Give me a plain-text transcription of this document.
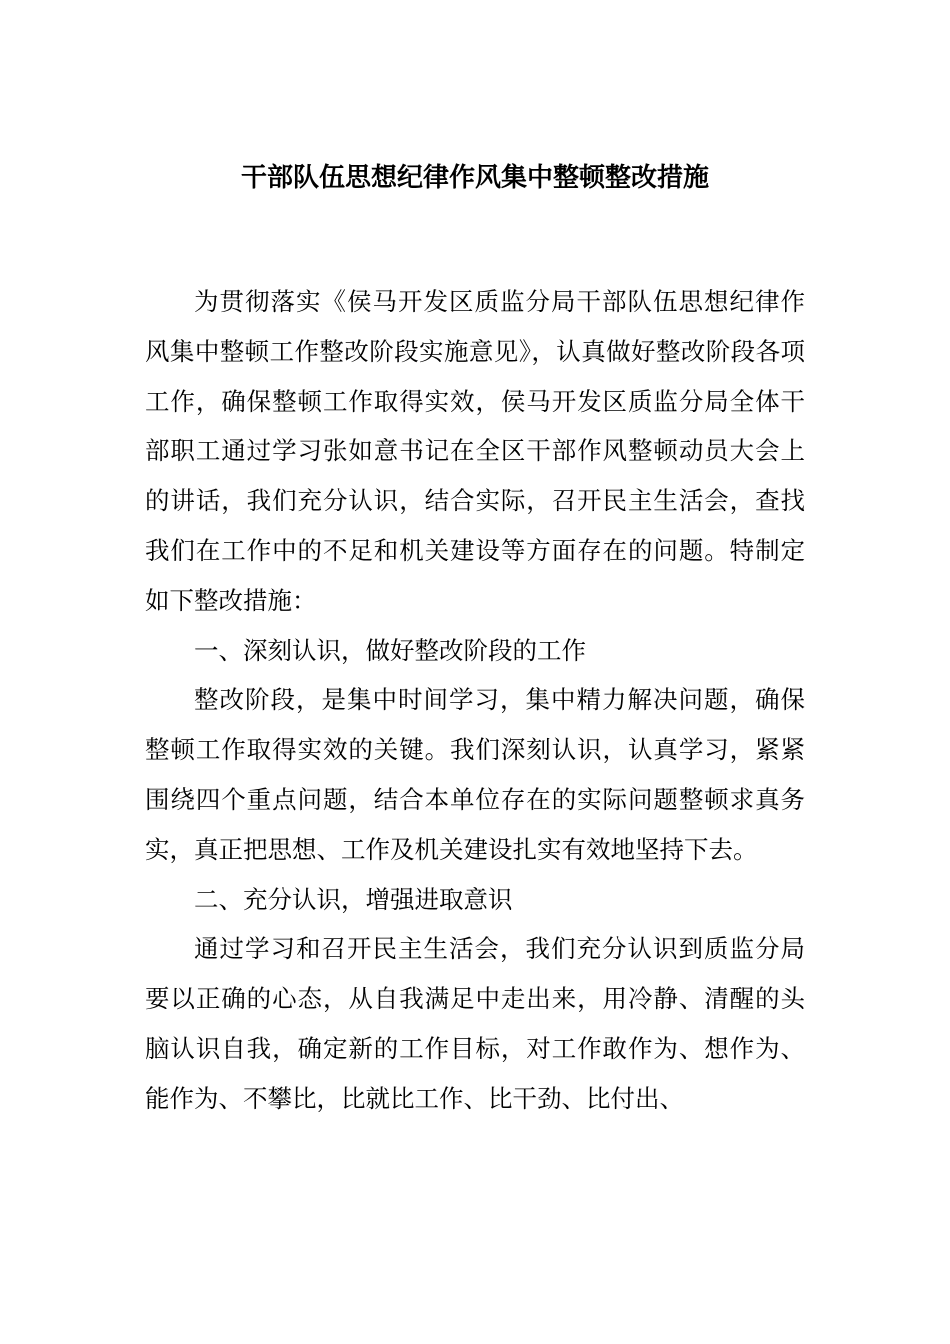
干部队伍思想纪律作风集中整顿整改措施

为贯彻落实《侯马开发区质监分局干部队伍思想纪律作风集中整顿工作整改阶段实施意见》，认真做好整改阶段各项工作，确保整顿工作取得实效，侯马开发区质监分局全体干部职工通过学习张如意书记在全区干部作风整顿动员大会上的讲话，我们充分认识，结合实际，召开民主生活会，查找我们在工作中的不足和机关建设等方面存在的问题。特制定如下整改措施：

一、深刻认识，做好整改阶段的工作

整改阶段，是集中时间学习，集中精力解决问题，确保整顿工作取得实效的关键。我们深刻认识，认真学习，紧紧围绕四个重点问题，结合本单位存在的实际问题整顿求真务实，真正把思想、工作及机关建设扎实有效地坚持下去。

二、充分认识，增强进取意识

通过学习和召开民主生活会，我们充分认识到质监分局要以正确的心态，从自我满足中走出来，用冷静、清醒的头脑认识自我，确定新的工作目标，对工作敢作为、想作为、能作为、不攀比，比就比工作、比干劲、比付出、
